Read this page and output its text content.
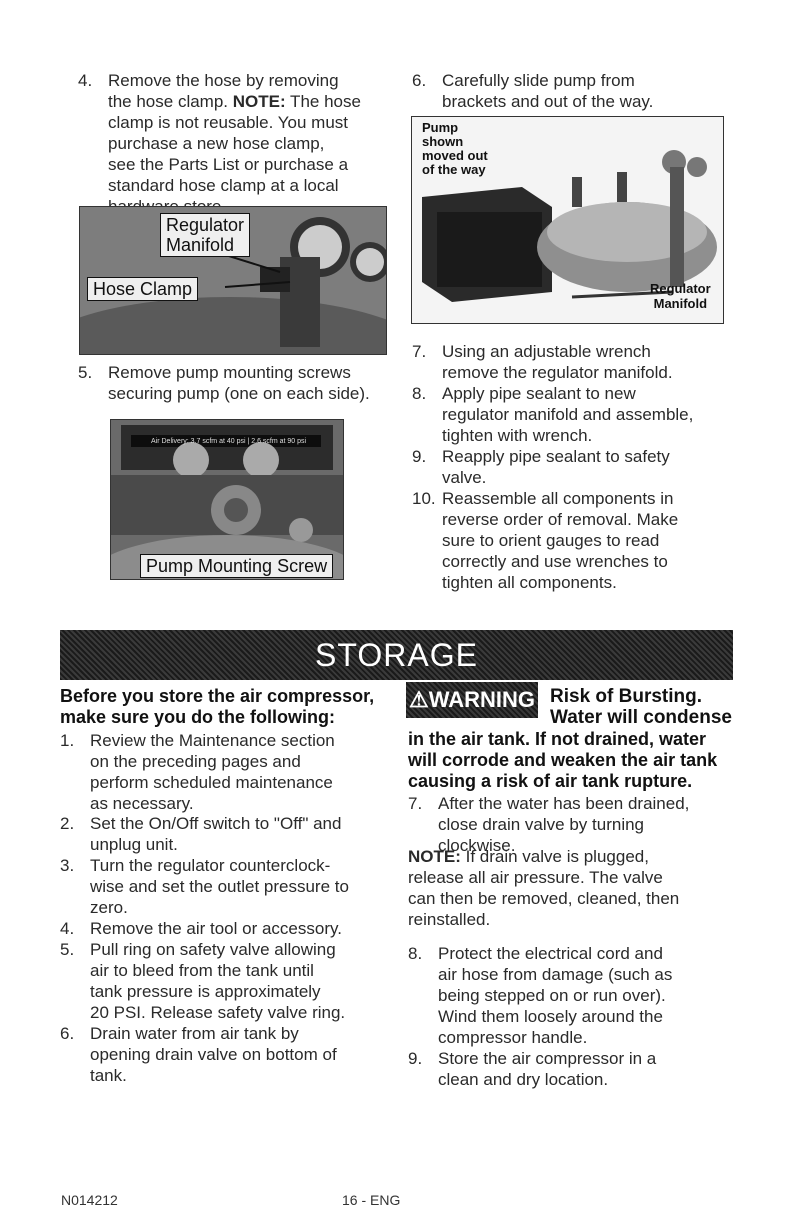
4. Remove the hose by removing
the hose clamp. NOTE: The hose
clamp is not reusable. You must
purchase a new hose clamp,
see the Parts List or purchase a
standard hose clamp at a local

Regulator
Manifold
Hose Clamp
5. Remove pump mounting screws
securing pump (one on each side).
Air Delivery: 3.7 scfm at 40 psi | 2.6 scfm at 90 psi
Pump Mounting Screw
6. Carefully slide pump from
brackets and out of the way.
Pump
shown
moved out
of the way
Regulator
Manifold
7. Using an adjustable wrench
remove the regulator manifold.
8. Apply pipe sealant to new
regulator manifold and assemble,
tighten with wrench.
9. Reapply pipe sealant to safety
valve.
10. Reassemble all components in
reverse order of removal. Make
sure to orient gauges to read
correctly and use wrenches to
tighten all components.
STORAGE
Before you store the air compressor,
make sure you do the following:
1. Review the Maintenance section
on the preceding pages and
perform scheduled maintenance
as necessary.
2. Set the On/Off switch to "Off" and
unplug unit.
3. Turn the regulator counterclock-
wise and set the outlet pressure to
zero.
4. Remove the air tool or accessory.
5. Pull ring on safety valve allowing
air to bleed from the tank until
tank pressure is approximately
20 PSI. Release safety valve ring.
6. Drain water from air tank by
opening drain valve on bottom of
tank.
⚠WARNING Risk of Bursting.
Water will condense
in the air tank. If not drained, water
will corrode and weaken the air tank
causing a risk of air tank rupture.
7. After the water has been drained,
close drain valve by turning
clockwise.
NOTE: If drain valve is plugged,
release all air pressure. The valve
can then be removed, cleaned, then
reinstalled.
8. Protect the electrical cord and
air hose from damage (such as
being stepped on or run over).
Wind them loosely around the
compressor handle.
9. Store the air compressor in a
clean and dry location.
N014212	16 - ENG
